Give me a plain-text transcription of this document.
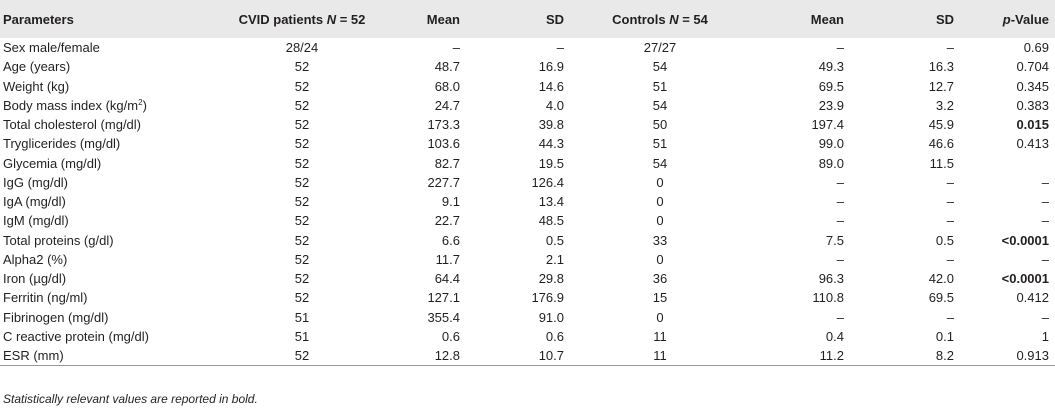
Parameters	CVID patients N = 52	Mean	SD	Controls N = 54	Mean	SD	p-Value
Sex male/female	28/24	–	–	27/27	–	–	0.69
Age (years)	52	48.7	16.9	54	49.3	16.3	0.704
Weight (kg)	52	68.0	14.6	51	69.5	12.7	0.345
Body mass index $(kg/m^2)$	52	24.7	4.0	54	23.9	3.2	0.383
Total cholesterol (mg/dl)	52	173.3	39.8	50	197.4	45.9	0.015
Tryglicerides (mg/dl)	52	103.6	44.3	51	99.0	46.6	0.413
Glycemia (mg/dl)	52	82.7	19.5	54	89.0	11.5	
IgG (mg/dl)	52	227.7	126.4	0	–	–	–
IgA (mg/dl)	52	9.1	13.4	0	–	–	–
IgM (mg/dl)	52	22.7	48.5	0	–	–	–
Total proteins (g/dl)	52	6.6	0.5	33	7.5	0.5	<0.0001
Alpha2 (%)	52	11.7	2.1	0	–	–	–
Iron (µg/dl)	52	64.4	29.8	36	96.3	42.0	<0.0001
Ferritin (ng/ml)	52	127.1	176.9	15	110.8	69.5	0.412
Fibrinogen (mg/dl)	51	355.4	91.0	0	–	–	–
C reactive protein (mg/dl)	51	0.6	0.6	11	0.4	0.1	1
ESR (mm)	52	12.8	10.7	11	11.2	8.2	0.913
Statistically relevant values are reported in bold.
